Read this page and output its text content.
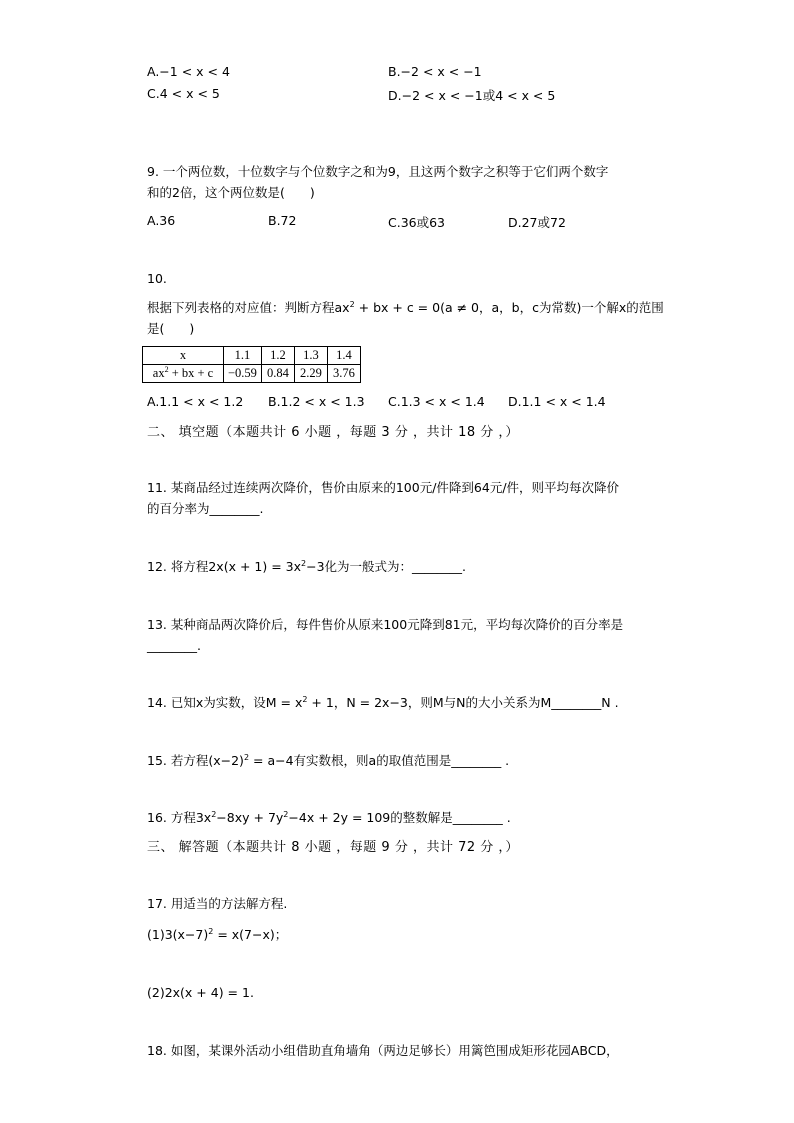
A.−1 < x < 4	B.−2 < x < −1
C.4 < x < 5	D.−2 < x < −1或4 < x < 5
9. 一个两位数，十位数字与个位数字之和为9，且这两个数字之积等于它们两个数字
和的2倍，这个两位数是(　　)
A.36	B.72	C.36或63	D.27或72
10.
根据下列表格的对应值：判断方程$ax^2$ + bx + c = 0(a ≠ 0，a，b，c为常数)一个解x的范围
是(　　)
x	1.1	1.2	1.3	1.4
$ax^2$ + bx + c	−0.59	0.84	2.29	3.76
A.1.1 < x < 1.2 B.1.2 < x < 1.3 C.1.3 < x < 1.4 D.1.1 < x < 1.4
二、 填空题（本题共计 6 小题 ，每题 3 分 ，共计 18 分 ，）
11. 某商品经过连续两次降价，售价由原来的100元/件降到64元/件，则平均每次降价
的百分率为________.
12. 将方程$2x(x + 1) = 3x^2-3$化为一般式为：________.
13. 某种商品两次降价后，每件售价从原来100元降到81元，平均每次降价的百分率是
________.
14. 已知x为实数，设$M = x^2 + 1$，N = 2x−3，则M与N的大小关系为M________N .
15. 若方程$(x-2)^2 = a-4$有实数根，则a的取值范围是________ .
16. 方程$3x^2-8xy + 7y^2-4x + 2y = 109$的整数解是________ .
三、 解答题（本题共计 8 小题 ，每题 9 分 ，共计 72 分 ，）
17. 用适当的方法解方程.
$(1)3(x-7)^2 = x(7-x)$；
(2)2x(x + 4) = 1.
18. 如图，某课外活动小组借助直角墙角（两边足够长）用篱笆围成矩形花园ABCD，
